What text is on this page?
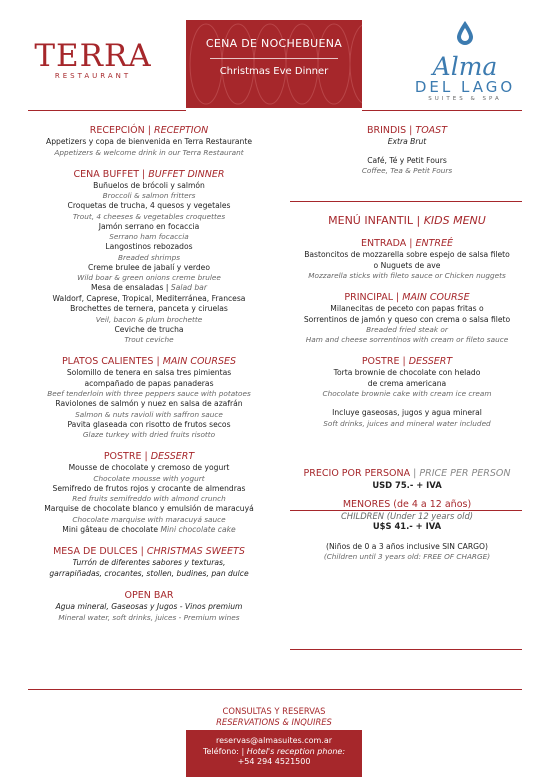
TERRA
RESTAURANT
CENA DE NOCHEBUENA
Christmas Eve Dinner	Alma
DEL LAGO
SUITES & SPA
RECEPCIÓN | RECEPTION
Appetizers y copa de bienvenida en Terra Restaurante
Appetizers & welcome drink in our Terra Restaurant
CENA BUFFET | BUFFET DINNER
Buñuelos de brócoli y salmón
Broccoli & salmon fritters
Croquetas de trucha, 4 quesos y vegetales
Trout, 4 cheeses & vegetables croquettes
Jamón serrano en focaccia
Serrano ham focaccia
Langostinos rebozados
Breaded shrimps
Creme brulee de jabalí y verdeo
Wild boar & green onions creme brulee
Mesa de ensaladas | Salad bar
Waldorf, Caprese, Tropical, Mediterránea, Francesa
Brochettes de ternera, panceta y ciruelas
Veil, bacon & plum brochette
Ceviche de trucha
Trout ceviche
PLATOS CALIENTES | MAIN COURSES
Solomillo de tenera en salsa tres pimientas
acompañado de papas panaderas
Beef tenderloin with three peppers sauce with potatoes
Raviolones de salmón y nuez en salsa de azafrán
Salmon & nuts ravioli with saffron sauce
Pavita glaseada con risotto de frutos secos
Glaze turkey with dried fruits risotto
POSTRE | DESSERT
Mousse de chocolate y cremoso de yogurt
Chocolate mousse with yogurt
Semifredo de frutos rojos y crocante de almendras
Red fruits semifreddo with almond crunch
Marquise de chocolate blanco y emulsión de maracuyá
Chocolate marquise with maracuyá sauce
Mini gâteau de chocolate Mini chocolate cake
MESA DE DULCES | CHRISTMAS SWEETS
Turrón de diferentes sabores y texturas,
garrapiñadas, crocantes, stollen, budines, pan dulce
OPEN BAR
Agua mineral, Gaseosas y Jugos - Vinos premium
Mineral water, soft drinks, juices - Premium wines
BRINDIS | TOAST
Extra Brut
Café, Té y Petit Fours
Coffee, Tea & Petit Fours
MENÚ INFANTIL | KIDS MENU
ENTRADA | ENTREÉ
Bastoncitos de mozzarella sobre espejo de salsa fileto
o Nuguets de ave
Mozzarella sticks with fileto sauce or Chicken nuggets
PRINCIPAL | MAIN COURSE
Milanecitas de peceto con papas fritas o
Sorrentinos de jamón y queso con crema o salsa fileto
Breaded fried steak or
Ham and cheese sorrentinos with cream or fileto sauce
POSTRE | DESSERT
Torta brownie de chocolate con helado
de crema americana
Chocolate brownie cake with cream ice cream
Incluye gaseosas, jugos y agua mineral
Soft drinks, juices and mineral water included
PRECIO POR PERSONA | PRICE PER PERSON
USD 75.- + IVA
MENORES (de 4 a 12 años)
CHILDREN (Under 12 years old)
U$S 41.- + IVA
(Niños de 0 a 3 años inclusive SIN CARGO)
(Children until 3 years old: FREE OF CHARGE)
CONSULTAS Y RESERVAS
RESERVATIONS & INQUIRES
reservas@almasuites.com.ar
Teléfono: | Hotel's reception phone:
+54 294 4521500
